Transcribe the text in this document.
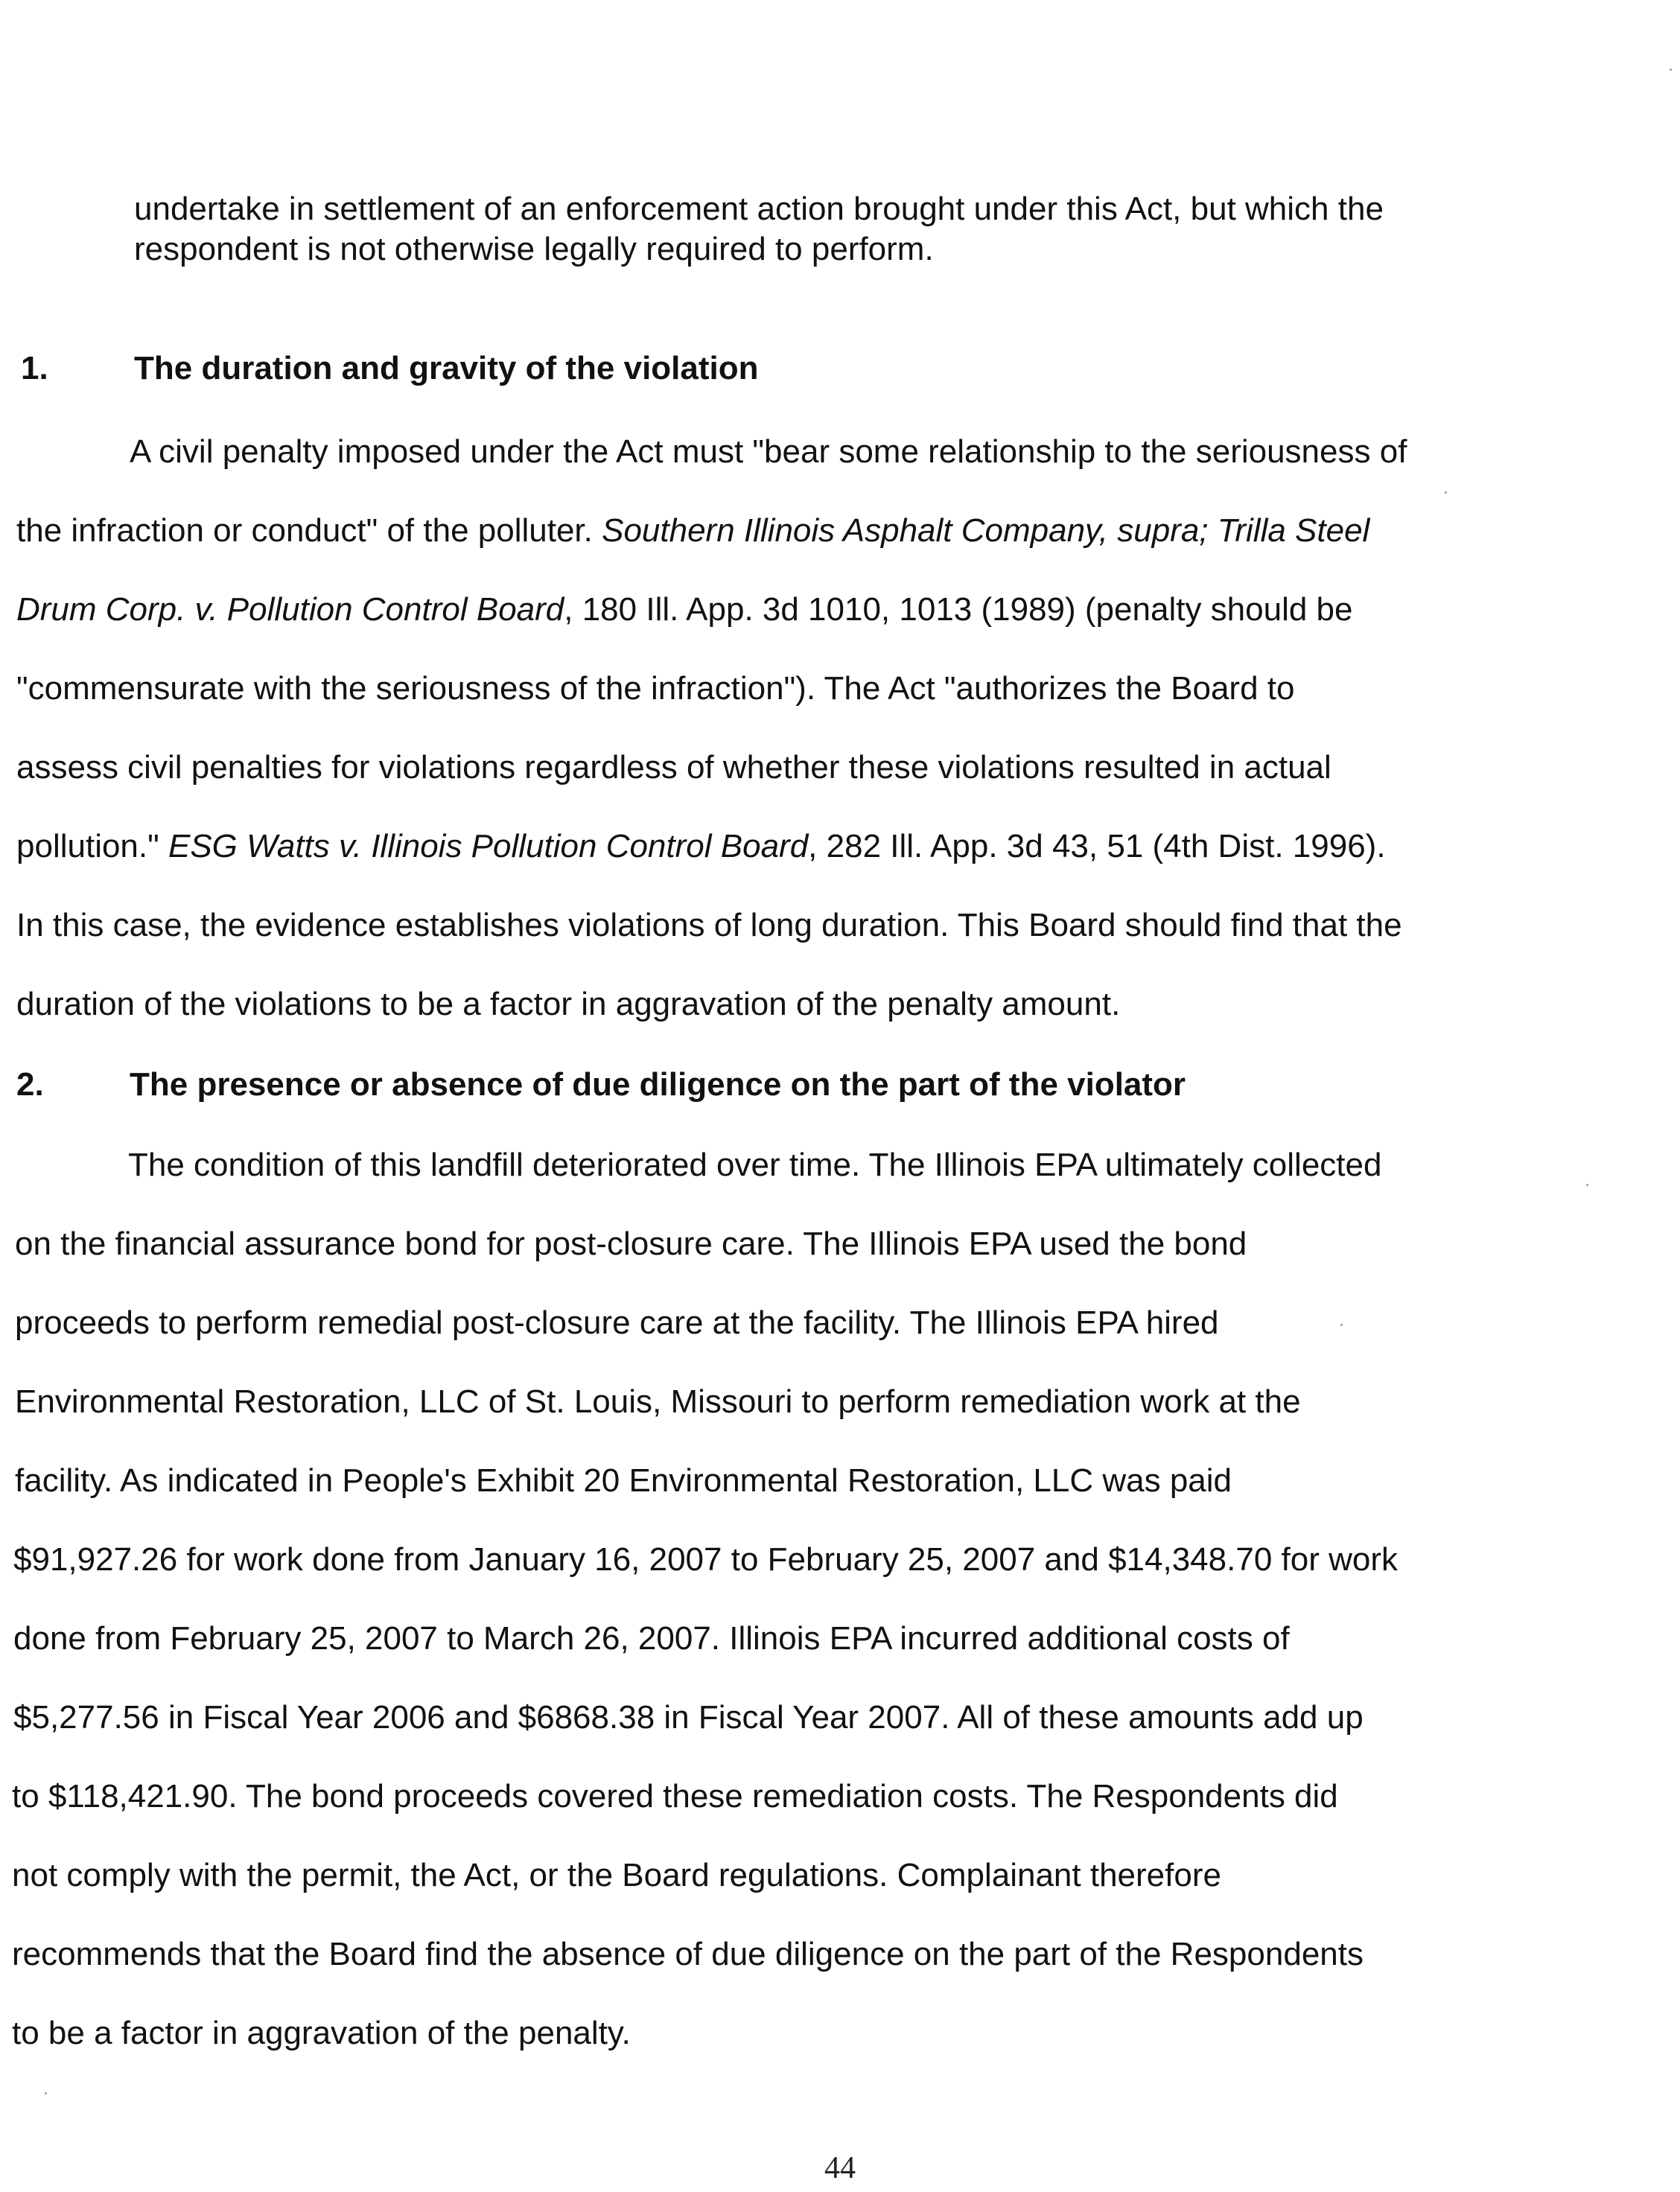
undertake in settlement of an enforcement action brought under this Act, but which the
respondent is not otherwise legally required to perform.
1.	The duration and gravity of the violation
A civil penalty imposed under the Act must "bear some relationship to the seriousness of
the infraction or conduct" of the polluter. Southern Illinois Asphalt Company, supra; Trilla Steel
Drum Corp. v. Pollution Control Board, 180 Ill. App. 3d 1010, 1013 (1989) (penalty should be
"commensurate with the seriousness of the infraction"). The Act "authorizes the Board to
assess civil penalties for violations regardless of whether these violations resulted in actual
pollution." ESG Watts v. Illinois Pollution Control Board, 282 Ill. App. 3d 43, 51 (4th Dist. 1996).
In this case, the evidence establishes violations of long duration. This Board should find that the
duration of the violations to be a factor in aggravation of the penalty amount.
2.	The presence or absence of due diligence on the part of the violator
The condition of this landfill deteriorated over time. The Illinois EPA ultimately collected
on the financial assurance bond for post-closure care. The Illinois EPA used the bond
proceeds to perform remedial post-closure care at the facility. The Illinois EPA hired
Environmental Restoration, LLC of St. Louis, Missouri to perform remediation work at the
facility. As indicated in People's Exhibit 20 Environmental Restoration, LLC was paid
$91,927.26 for work done from January 16, 2007 to February 25, 2007 and $14,348.70 for work
done from February 25, 2007 to March 26, 2007. Illinois EPA incurred additional costs of
$5,277.56 in Fiscal Year 2006 and $6868.38 in Fiscal Year 2007. All of these amounts add up
to $118,421.90. The bond proceeds covered these remediation costs. The Respondents did
not comply with the permit, the Act, or the Board regulations. Complainant therefore
recommends that the Board find the absence of due diligence on the part of the Respondents
to be a factor in aggravation of the penalty.
44
